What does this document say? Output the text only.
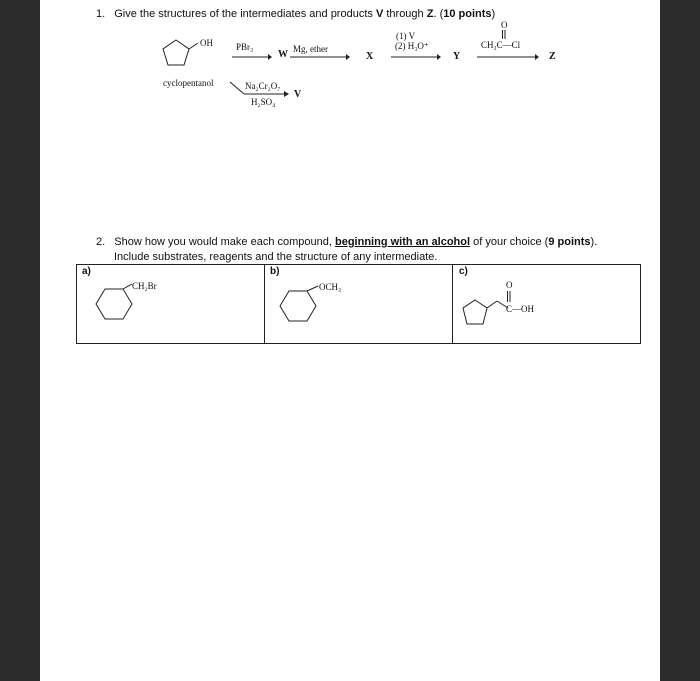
1. Give the structures of the intermediates and products V through Z. (10 points)
OH
cyclopentanol
PBr₃
W Mg, ether
X
(1) V
(2) H₃O⁺
Y
O
CH₃C—Cl
Z
Na₂Cr₂O₇
H₂SO₄
V
2. Show how you would make each compound, beginning with an alcohol of your choice (9 points).
Include substrates, reagents and the structure of any intermediate.
a)	b)	c)
CH₂Br	OCH₃	O
C—OH
